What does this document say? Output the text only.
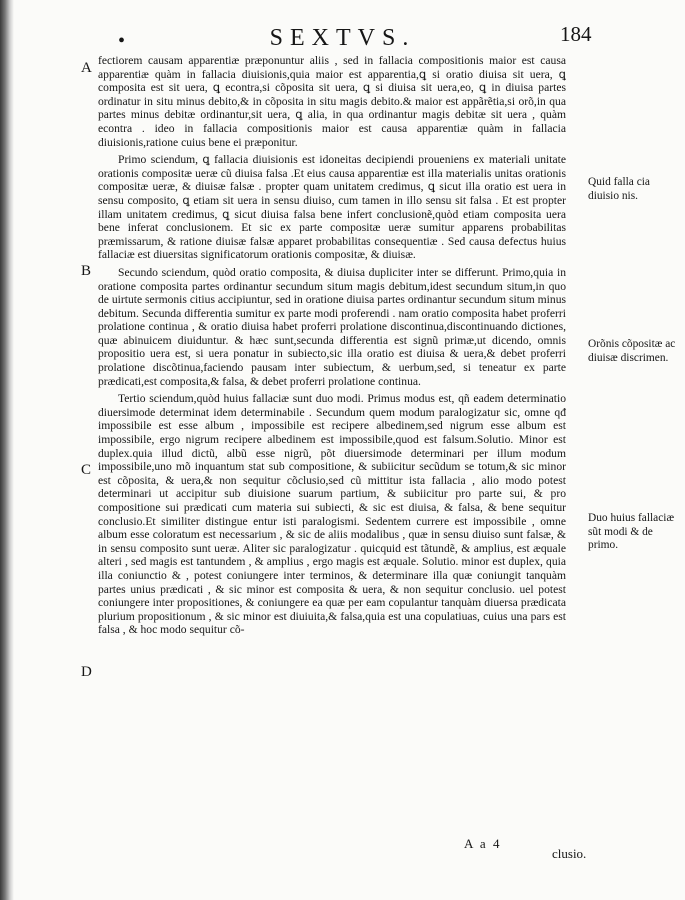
•	SEXTVS.	184
A
B
C
D

fectiorem causam apparentiæ præponuntur aliis , sed in fallacia compositionis maior est causa apparentiæ quàm in fallacia diuisionis,quia maior est apparentia,ꝗ si oratio diuisa sit uera, ꝗ composita est sit uera, ꝗ econtra,si cõposita sit uera, ꝗ si diuisa sit uera,eo, ꝗ in diuisa partes ordinatur in situ minus debito,& in cõposita in situ magis debito.& maior est appãrẽtia,si orõ,in qua partes minus debitæ ordinantur,sit uera, ꝗ alia, in qua ordinantur magis debitæ sit uera , quàm econtra . ideo in fallacia compositionis maior est causa apparentiæ quàm in fallacia diuisionis,ratione cuius bene ei præponitur.

Primo sciendum, ꝗ fallacia diuisionis est idoneitas decipiendi proueniens ex materiali unitate orationis compositæ ueræ cũ diuisa falsa .Et eius causa apparentiæ est illa materialis unitas orationis compositæ ueræ, & diuisæ falsæ . propter quam unitatem credimus, ꝗ sicut illa oratio est uera in sensu composito, ꝗ etiam sit uera in sensu diuiso, cum tamen in illo sensu sit falsa . Et est propter illam unitatem credimus, ꝗ sicut diuisa falsa bene infert conclusionẽ,quòd etiam composita uera bene inferat conclusionem. Et sic ex parte compositæ ueræ sumitur apparens probabilitas præmissarum, & ratione diuisæ falsæ apparet probabilitas consequentiæ . Sed causa defectus huius fallaciæ est diuersitas significatorum orationis compositæ, & diuisæ.

Secundo sciendum, quòd oratio composita, & diuisa dupliciter inter se differunt. Primo,quia in oratione composita partes ordinantur secundum situm magis debitum,idest secundum situm,in quo de uirtute sermonis citius accipiuntur, sed in oratione diuisa partes ordinantur secundum situm minus debitum. Secunda differentia sumitur ex parte modi proferendi . nam oratio composita habet proferri prolatione continua , & oratio diuisa habet proferri prolatione discontinua,discontinuando dictiones, quæ abinuicem diuiduntur. & hæc sunt,secunda differentia est signũ primæ,ut dicendo, omnis propositio uera est, si uera ponatur in subiecto,sic illa oratio est diuisa & uera,& debet proferri prolatione discõtinua,faciendo pausam inter subiectum, & uerbum,sed, si teneatur ex parte prædicati,est composita,& falsa, & debet proferri prolatione continua.

Tertio sciendum,quòd huius fallaciæ sunt duo modi. Primus modus est, qñ eadem determinatio diuersimode determinat idem determinabile . Secundum quem modum paralogizatur sic, omne qđ impossibile est esse album , impossibile est recipere albedinem,sed nigrum esse album est impossibile, ergo nigrum recipere albedinem est impossibile,quod est falsum.Solutio. Minor est duplex.quia illud dictũ, albũ esse nigrũ, põt diuersimode determinari per illum modum impossibile,uno mõ inquantum stat sub compositione, & subiicitur secũdum se totum,& sic minor est cõposita, & uera,& non sequitur cõclusio,sed cũ mittitur ista fallacia , alio modo potest determinari ut accipitur sub diuisione suarum partium, & subiicitur pro parte sui, & pro compositione sui prædicati cum materia sui subiecti, & sic est diuisa, & falsa, & bene sequitur conclusio.Et similiter distingue entur isti paralogismi. Sedentem currere est impossibile , omne album esse coloratum est necessarium , & sic de aliis modalibus , quæ in sensu diuiso sunt falsæ, & in sensu composito sunt ueræ. Aliter sic paralogizatur . quicquid est tãtundẽ, & amplius, est æquale alteri , sed magis est tantundem , & amplius , ergo magis est æquale. Solutio. minor est duplex, quia illa coniunctio & , potest coniungere inter terminos, & determinare illa quæ coniungit tanquàm partes unius prædicati , & sic minor est composita & uera, & non sequitur conclusio. uel potest coniungere inter propositiones, & coniungere ea quæ per eam copulantur tanquàm diuersa prædicata plurium propositionum , & sic minor est diuiuita,& falsa,quia est una copulatiuas, cuius una pars est falsa , & hoc modo sequitur cõ-

Quid falla cia diuisio nis.
Orõnis cõpositæ ac diuisæ discrimen.
Duo huius fallaciæ sũt modi & de primo.
A a 4
clusio.
